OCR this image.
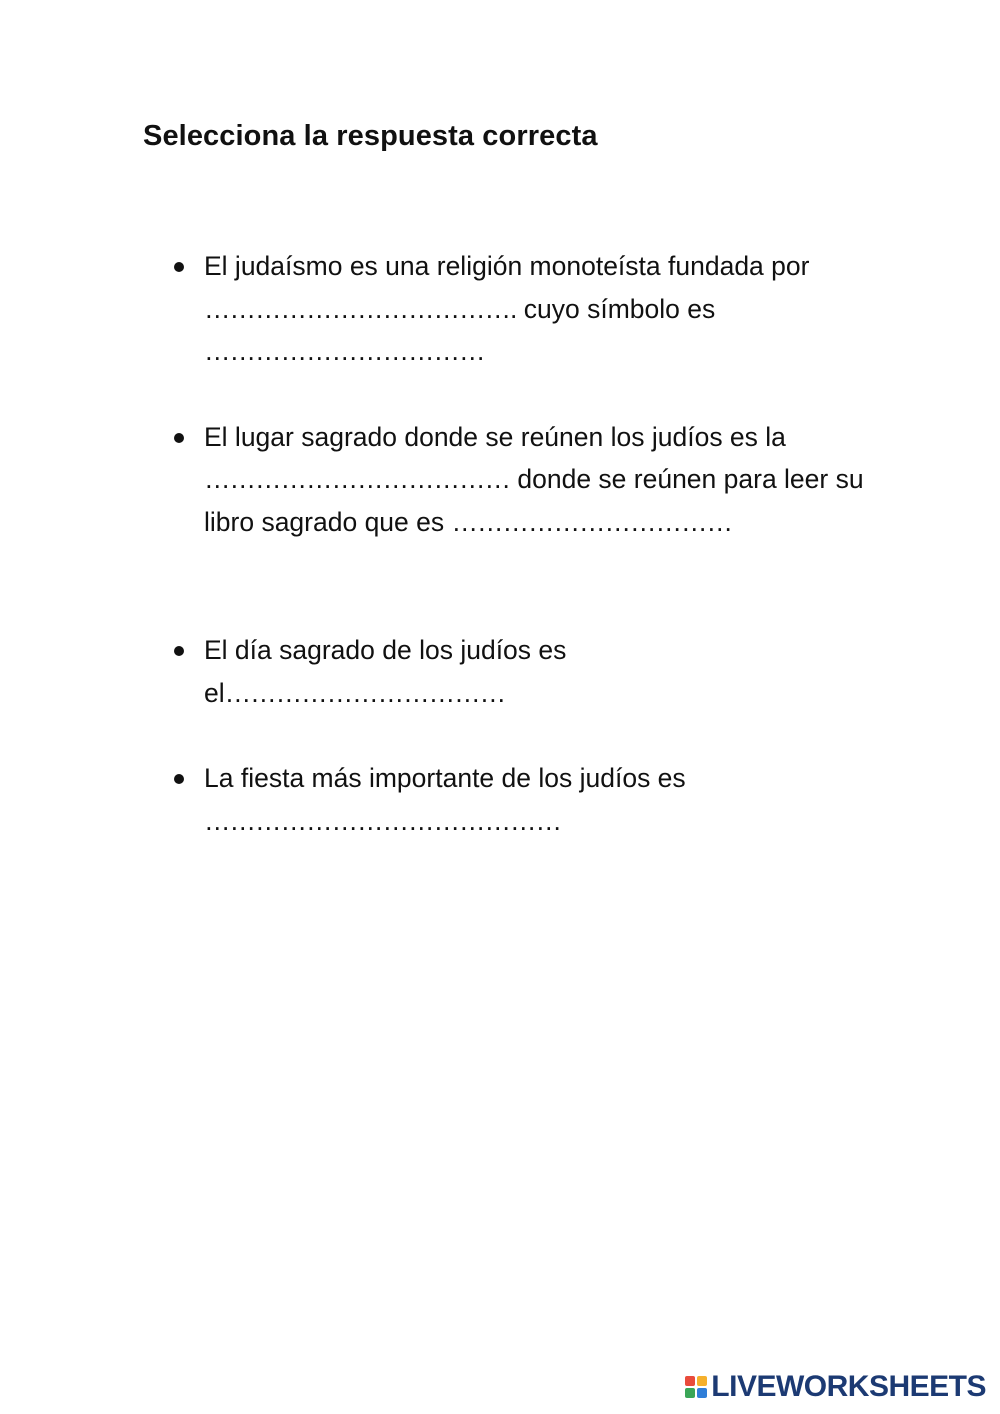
Selecciona la respuesta correcta
El judaísmo es una religión monoteísta fundada por
………………………………. cuyo símbolo es
……………………………
El lugar sagrado donde se reúnen los judíos es la
……………………………… donde se reúnen para leer su libro sagrado que es ……………………………
El día sagrado de los judíos es el……………………………
La fiesta más importante de los judíos es
……………………………………
LIVEWORKSHEETS
